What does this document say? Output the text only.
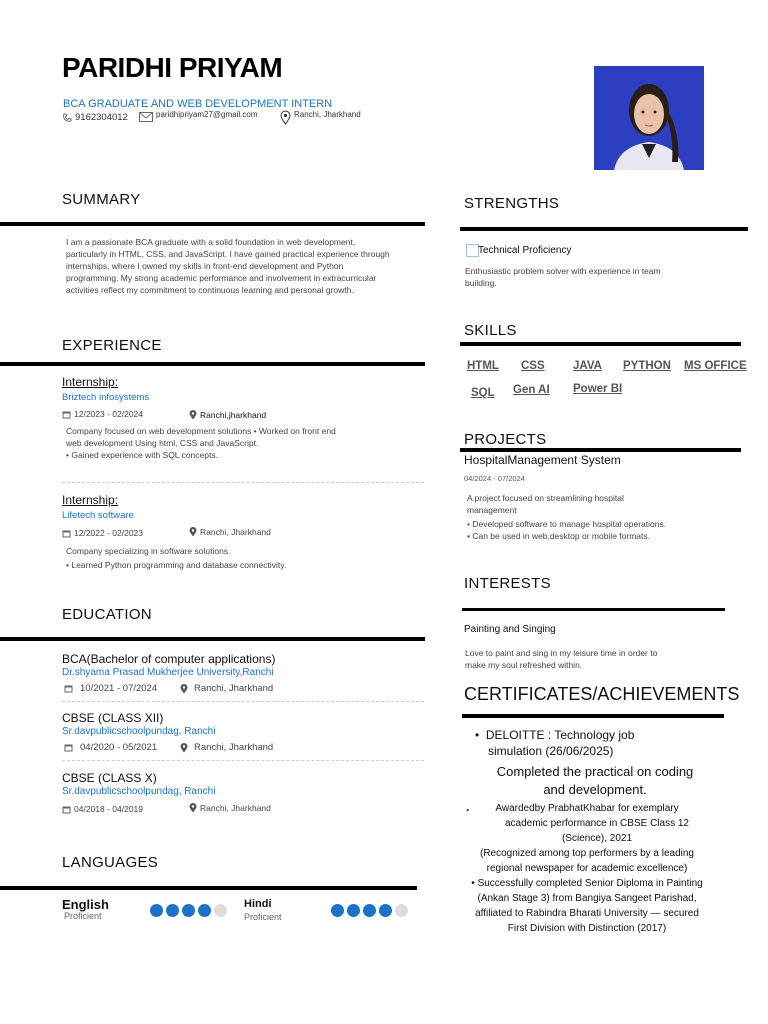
PARIDHI PRIYAM
BCA GRADUATE AND WEB DEVELOPMENT INTERN
9162304012	paridhipriyam27@gmail.com	Ranchi, Jharkhand
SUMMARY
I am a passionate BCA graduate with a solid foundation in web development,
particularly in HTML, CSS, and JavaScript. I have gained practical experience through
internships, where I owned my skills in front-end development and Python
programming. My strong academic performance and involvement in extracurricular
activities reflect my commitment to continuous learning and personal growth.
EXPERIENCE
Internship:
Briztech infosystems
12/2023 - 02/2024	Ranchi,jharkhand
Company focused on web development solutions • Worked on front end
web development Using html, CSS and JavaScript.
• Gained experience with SQL concepts.
Internship:
Lifetech software
12/2022 - 02/2023	Ranchi, Jharkhand
Company specializing in software solutions.
• Learned Python programming and database connectivity.
EDUCATION
BCA(Bachelor of computer applications)
Dr.shyama Prasad Mukherjee University,Ranchi
10/2021 - 07/2024	Ranchi, Jharkhand
CBSE (CLASS XII)
Sr.davpublicschoolpundag, Ranchi
04/2020 - 05/2021	Ranchi, Jharkhand
CBSE (CLASS X)
Sr.davpublicschoolpundag, Ranchi
04/2018 - 04/2019	Ranchi, Jharkhand
LANGUAGES
English
Proficient
Hindi
Proficient
STRENGTHS
Technical Proficiency
Enthusiastic problem solver with experience in team
building.
SKILLS
HTML CSS JAVA PYTHON MS OFFICE
SQL Gen AI Power BI
PROJECTS
HospitalManagement System
04/2024 - 07/2024
A project focused on streamlining hospital
management
• Developed software to manage hospital operations.
• Can be used in web,desktop or mobile formats.
INTERESTS
Painting and Singing
Love to paint and sing in my leisure time in order to
make my soul refreshed within.
CERTIFICATES/ACHIEVEMENTS
•  DELOITTE : Technology job
simulation (26/06/2025)
Completed the practical on coding
and development.
.	Awardedby PrabhatKhabar for exemplary
academic performance in CBSE Class 12
(Science), 2021
(Recognized among top performers by a leading
regional newspaper for academic excellence)
• Successfully completed Senior Diploma in Painting
(Ankan Stage 3) from Bangiya Sangeet Parishad,
affiliated to Rabindra Bharati University — secured
First Division with Distinction (2017)
